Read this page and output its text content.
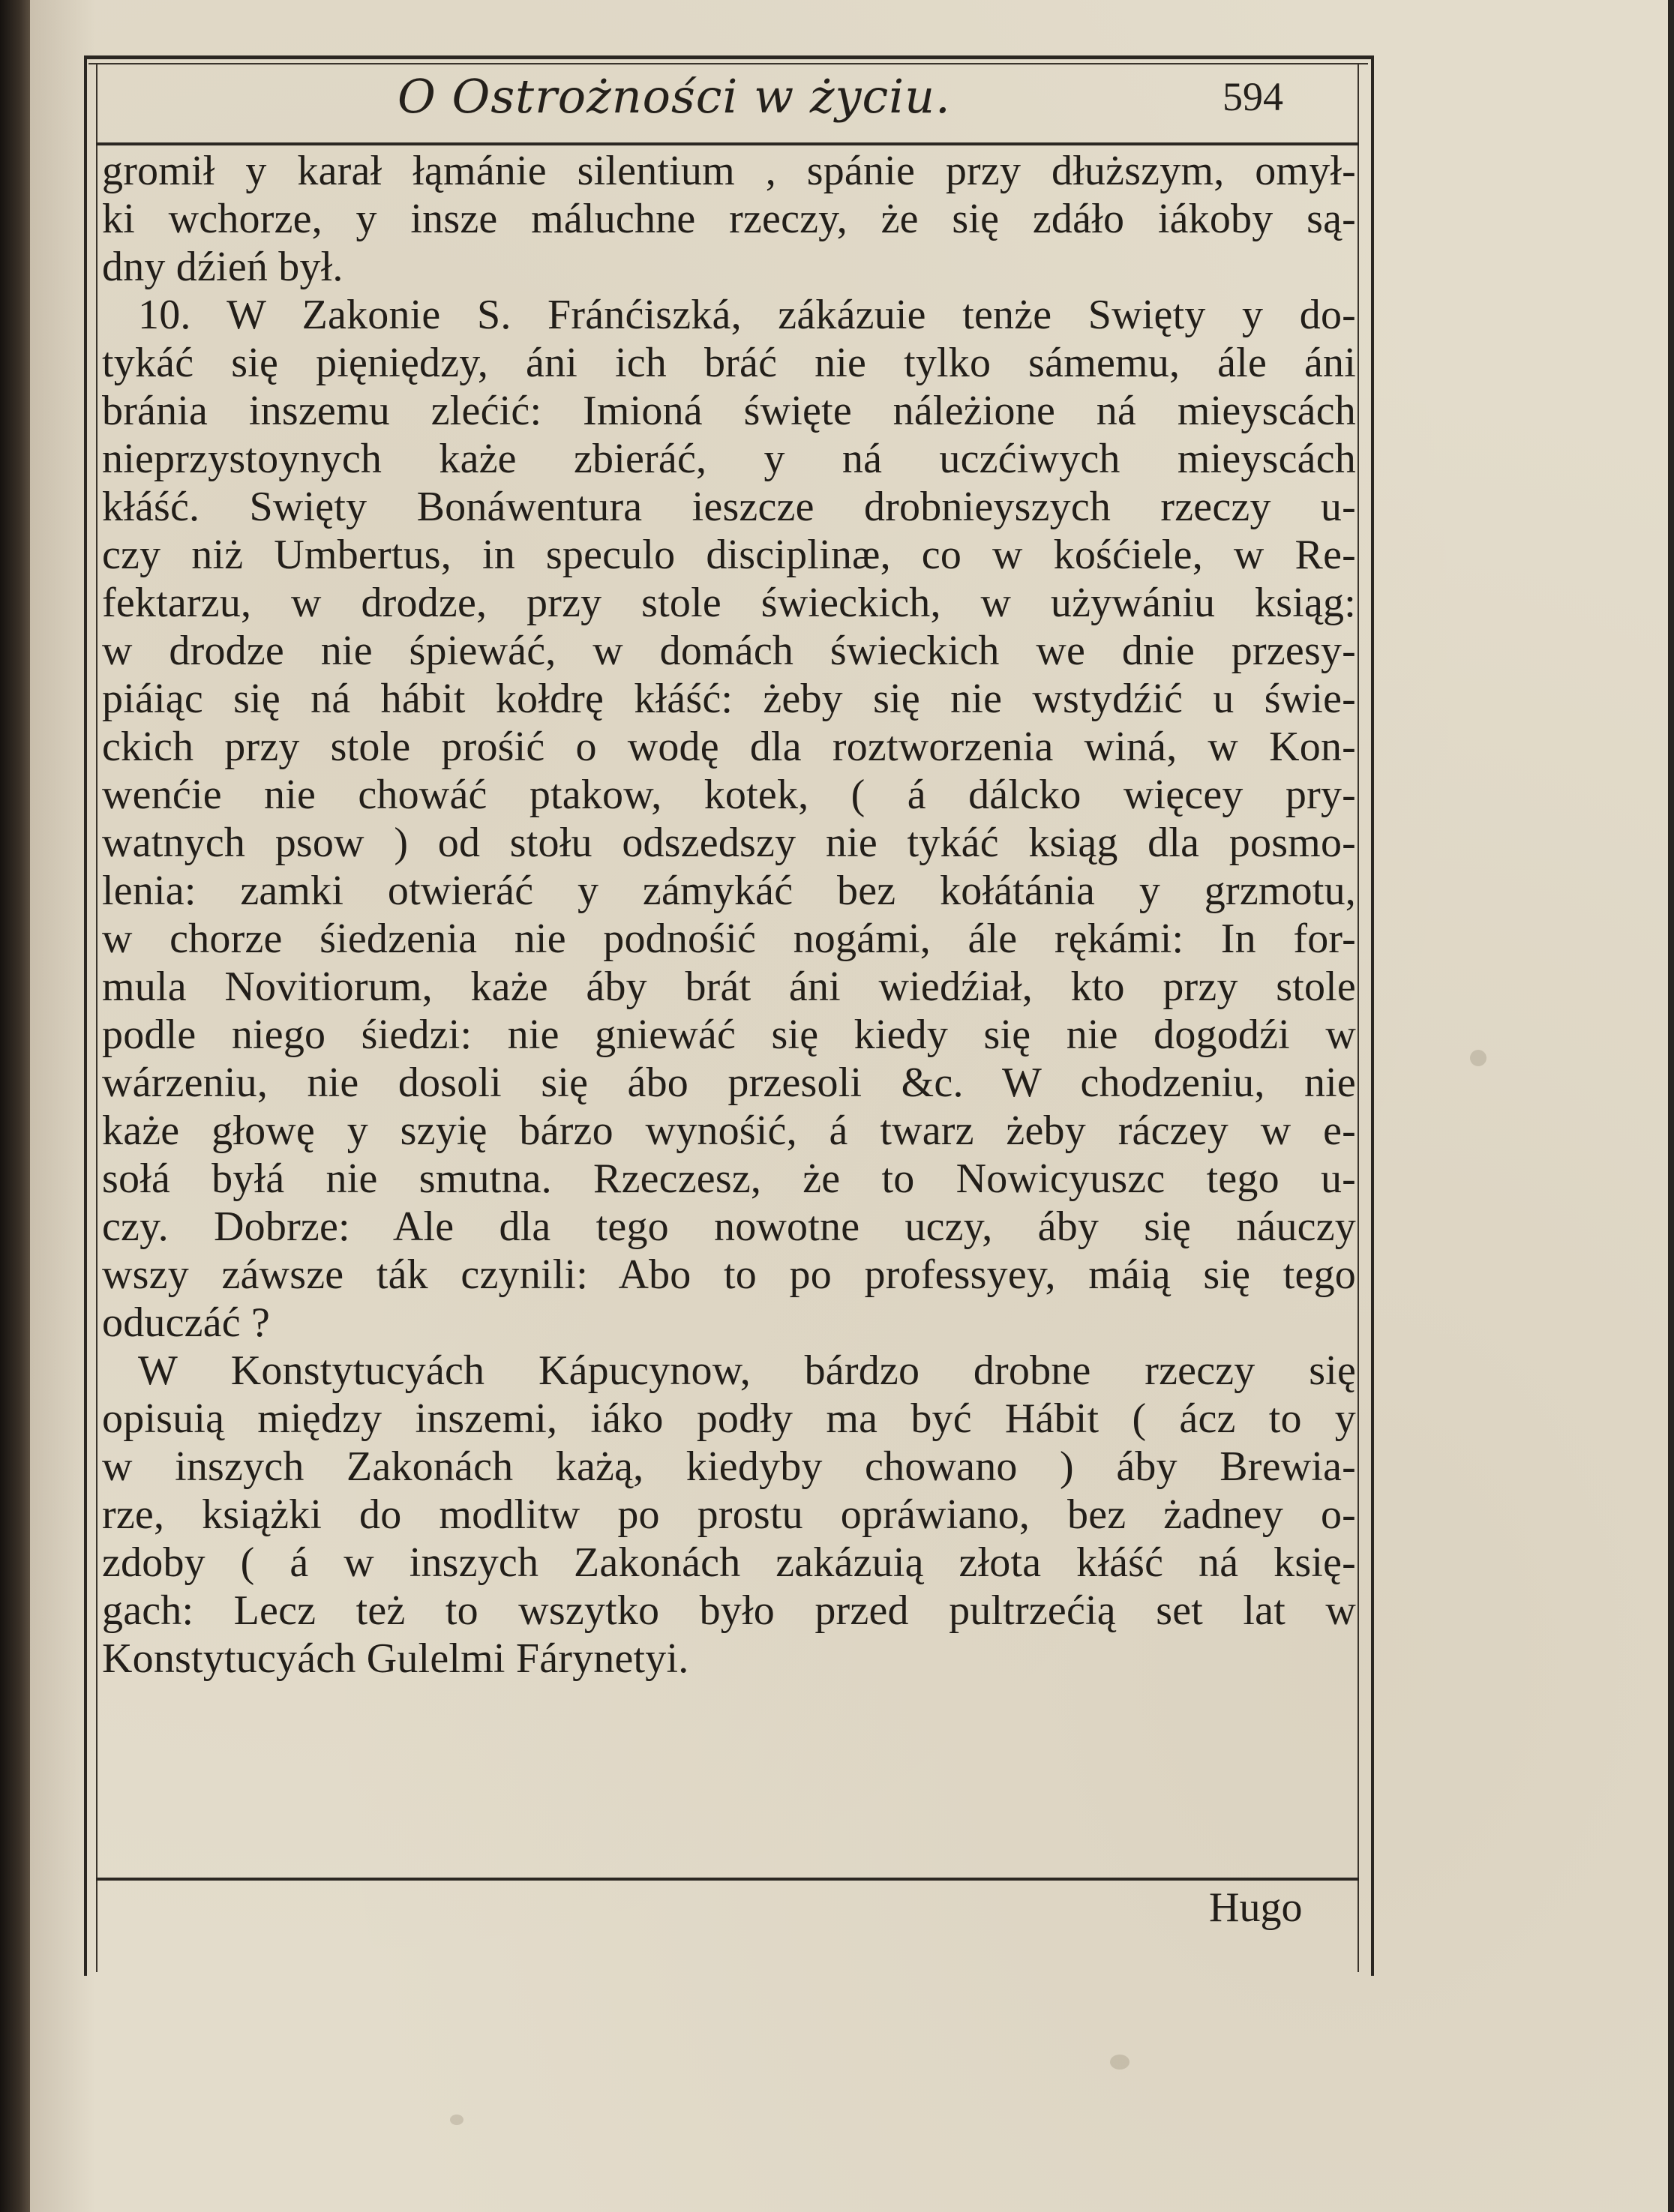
O Ostrożności w życiu.	594
gromił y karał łąmánie silentium , spánie przy dłuższym, omył-
ki wchorze, y insze máluchne rzeczy, że się zdáło iákoby są-
dny dźień był.
10. W Zakonie S. Fránćiszká, zákázuie tenże Swięty y do-
tykáć się pięniędzy, áni ich bráć nie tylko sámemu, ále áni
bránia inszemu zlećić: Imioná święte náleżione ná mieyscách
nieprzystoynych każe zbieráć, y ná uczćiwych mieyscách
kłáść. Swięty Bonáwentura ieszcze drobnieyszych rzeczy u-
czy niż Umbertus, in speculo disciplinæ, co w kośćiele, w Re-
fektarzu, w drodze, przy stole świeckich, w używániu ksiąg:
w drodze nie śpiewáć, w domách świeckich we dnie przesy-
piáiąc się ná hábit kołdrę kłáść: żeby się nie wstydźić u świe-
ckich przy stole prośić o wodę dla roztworzenia winá, w Kon-
wenćie nie chowáć ptakow, kotek, ( á dálcko więcey pry-
watnych psow ) od stołu odszedszy nie tykáć ksiąg dla posmo-
lenia: zamki otwieráć y zámykáć bez kołátánia y grzmotu,
w chorze śiedzenia nie podnośić nogámi, ále rękámi: In for-
mula Novitiorum, każe áby brát áni wiedźiał, kto przy stole
podle niego śiedzi: nie gniewáć się kiedy się nie dogodźi w
wárzeniu, nie dosoli się ábo przesoli &c. W chodzeniu, nie
każe głowę y szyię bárzo wynośić, á twarz żeby ráczey w e-
sołá byłá nie smutna. Rzeczesz, że to Nowicyuszc tego u-
czy. Dobrze: Ale dla tego nowotne uczy, áby się náuczy
wszy záwsze ták czynili: Abo to po professyey, máią się tego
oduczáć ?
W Konstytucyách Kápucynow, bárdzo drobne rzeczy się
opisuią między inszemi, iáko podły ma być Hábit ( ácz to y
w inszych Zakonách każą, kiedyby chowano ) áby Brewia-
rze, książki do modlitw po prostu opráwiano, bez żadney o-
zdoby ( á w inszych Zakonách zakázuią złota kłáść ná księ-
gach: Lecz też to wszytko było przed pultrzećią set lat w
Konstytucyách Gulelmi Fárynetyi.
Hugo
